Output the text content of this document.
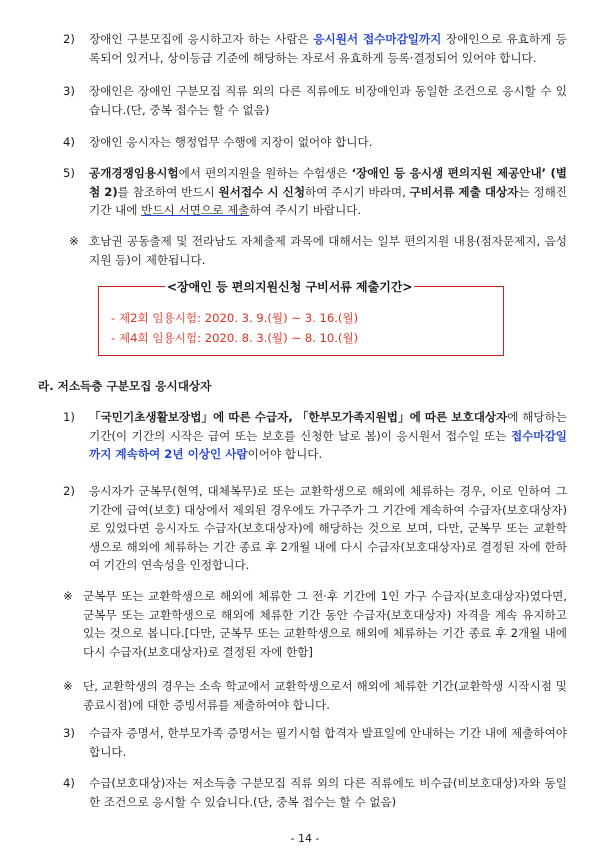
2) 장애인 구분모집에 응시하고자 하는 사람은 응시원서 접수마감일까지 장애인으로 유효하게 등록되어 있거나, 상이등급 기준에 해당하는 자로서 유효하게 등록·결정되어 있어야 합니다.
3) 장애인은 장애인 구분모집 직류 외의 다른 직류에도 비장애인과 동일한 조건으로 응시할 수 있습니다.(단, 중복 접수는 할 수 없음)
4) 장애인 응시자는 행정업무 수행에 지장이 없어야 합니다.
5) 공개경쟁임용시험에서 편의지원을 원하는 수험생은 ‘장애인 등 응시생 편의지원 제공안내’ (별첨 2)를 참조하여 반드시 원서접수 시 신청하여 주시기 바라며, 구비서류 제출 대상자는 정해진 기간 내에 반드시 서면으로 제출하여 주시기 바랍니다.
※ 호남권 공동출제 및 전라남도 자체출제 과목에 대해서는 일부 편의지원 내용(점자문제지, 음성지원 등)이 제한됩니다.
<장애인 등 편의지원신청 구비서류 제출기간>
- 제2회 임용시험: 2020. 3. 9.(월) ~ 3. 16.(월)
- 제4회 임용시험: 2020. 8. 3.(월) ~ 8. 10.(월)
라. 저소득층 구분모집 응시대상자
1) 「국민기초생활보장법」에 따른 수급자, 「한부모가족지원법」에 따른 보호대상자에 해당하는 기간(이 기간의 시작은 급여 또는 보호를 신청한 날로 봄)이 응시원서 접수일 또는 접수마감일까지 계속하여 2년 이상인 사람이어야 합니다.
2) 응시자가 군복무(현역, 대체복무)로 또는 교환학생으로 해외에 체류하는 경우, 이로 인하여 그 기간에 급여(보호) 대상에서 제외된 경우에도 가구주가 그 기간에 계속하여 수급자(보호대상자)로 있었다면 응시자도 수급자(보호대상자)에 해당하는 것으로 보며, 다만, 군복무 또는 교환학생으로 해외에 체류하는 기간 종료 후 2개월 내에 다시 수급자(보호대상자)로 결정된 자에 한하여 기간의 연속성을 인정합니다.
※ 군복무 또는 교환학생으로 해외에 체류한 그 전·후 기간에 1인 가구 수급자(보호대상자)였다면, 군복무 또는 교환학생으로 해외에 체류한 기간 동안 수급자(보호대상자) 자격을 계속 유지하고 있는 것으로 봅니다.[다만, 군복무 또는 교환학생으로 해외에 체류하는 기간 종료 후 2개월 내에 다시 수급자(보호대상자)로 결정된 자에 한함]
※ 단, 교환학생의 경우는 소속 학교에서 교환학생으로서 해외에 체류한 기간(교환학생 시작시점 및 종료시점)에 대한 증빙서류를 제출하여야 합니다.
3) 수급자 증명서, 한부모가족 증명서는 필기시험 합격자 발표일에 안내하는 기간 내에 제출하여야 합니다.
4) 수급(보호대상)자는 저소득층 구분모집 직류 외의 다른 직류에도 비수급(비보호대상)자와 동일한 조건으로 응시할 수 있습니다.(단, 중복 접수는 할 수 없음)
- 14 -
